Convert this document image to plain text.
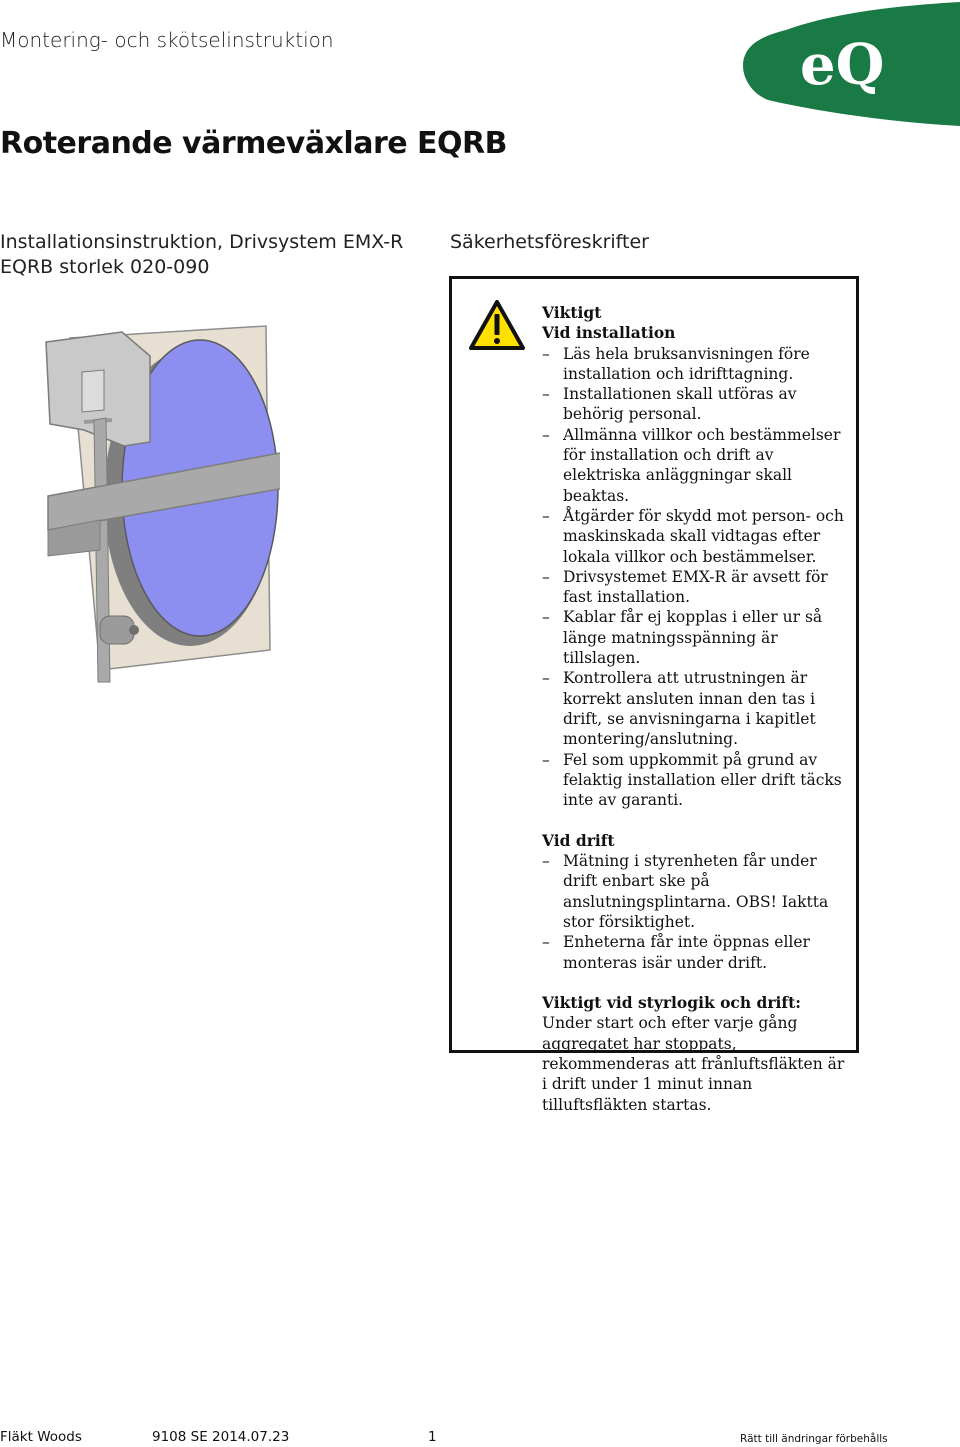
Montering- och skötselinstruktion	eQ
Roterande värmeväxlare EQRB
Installationsinstruktion, Drivsystem EMX-R
EQRB storlek 020-090
Säkerhetsföreskrifter
Viktigt
Vid installation
– Läs hela bruksanvisningen före installation och idrifttagning.
– Installationen skall utföras av behörig personal.
– Allmänna villkor och bestämmelser för installation och drift av elektriska anläggningar skall beaktas.
– Åtgärder för skydd mot person- och maskinskada skall vidtagas efter lokala villkor och bestämmelser.
– Drivsystemet EMX-R är avsett för fast installation.
– Kablar får ej kopplas i eller ur så länge matningsspänning är tillslagen.
– Kontrollera att utrustningen är korrekt ansluten innan den tas i drift, se anvisningarna i kapitlet montering/anslutning.
– Fel som uppkommit på grund av felaktig installation eller drift täcks inte av garanti.
Vid drift
– Mätning i styrenheten får under drift enbart ske på anslutningsplintarna. OBS! Iaktta stor försiktighet.
– Enheterna får inte öppnas eller monteras isär under drift.
Viktigt vid styrlogik och drift:
Under start och efter varje gång aggregatet har stoppats, rekommenderas att frånluftsfläkten är i drift under 1 minut innan tilluftsfläkten startas.
Fläkt Woods	9108 SE 2014.07.23	1	Rätt till ändringar förbehålls
